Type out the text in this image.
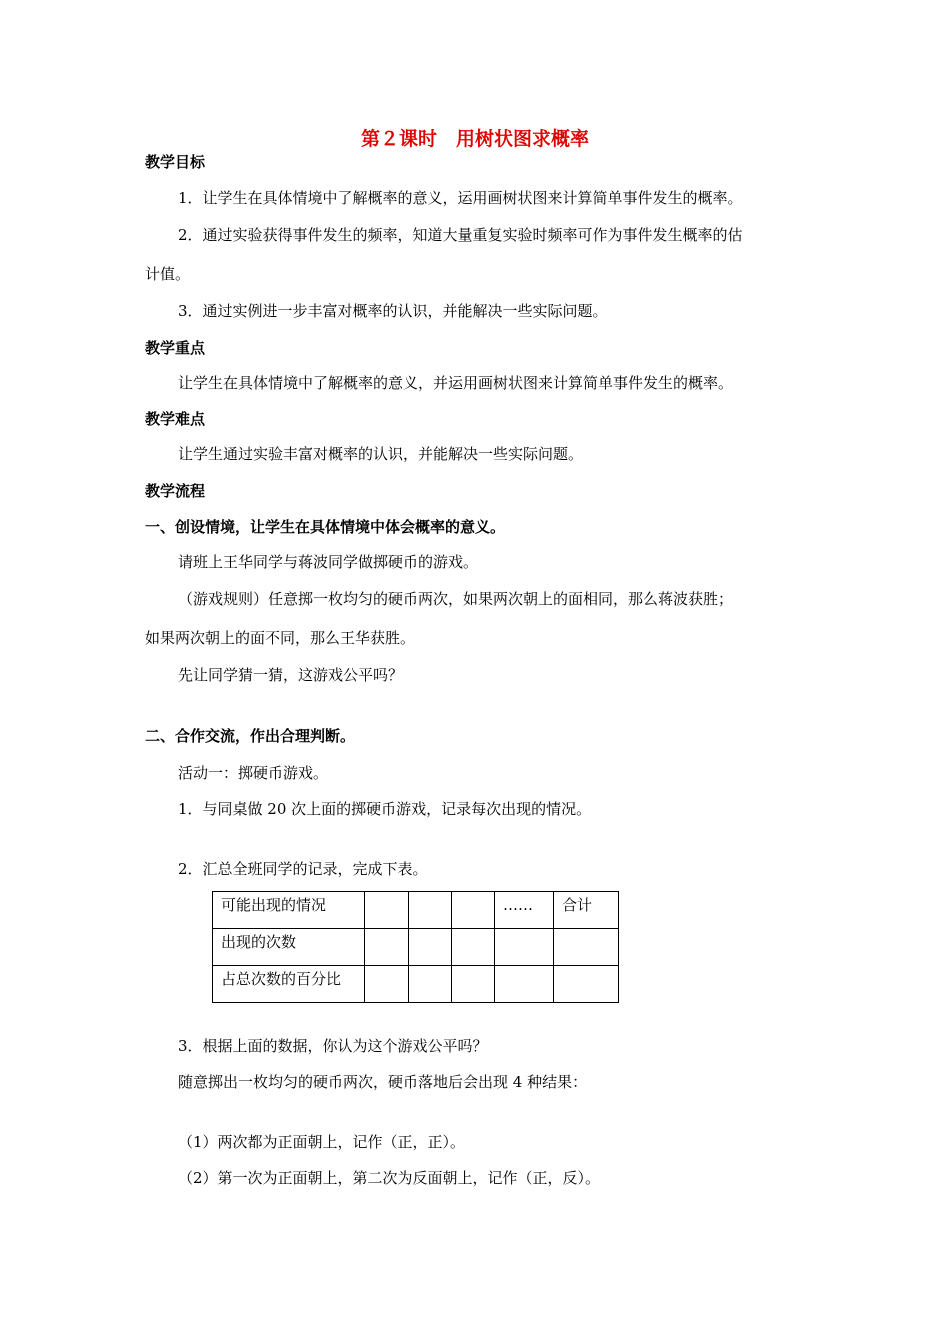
第２课时　用树状图求概率
教学目标
1．让学生在具体情境中了解概率的意义，运用画树状图来计算简单事件发生的概率。
2．通过实验获得事件发生的频率，知道大量重复实验时频率可作为事件发生概率的估
计值。
3．通过实例进一步丰富对概率的认识，并能解决一些实际问题。
教学重点
让学生在具体情境中了解概率的意义，并运用画树状图来计算简单事件发生的概率。
教学难点
让学生通过实验丰富对概率的认识，并能解决一些实际问题。
教学流程
一、创设情境，让学生在具体情境中体会概率的意义。
请班上王华同学与蒋波同学做掷硬币的游戏。
（游戏规则）任意掷一枚均匀的硬币两次，如果两次朝上的面相同，那么蒋波获胜；
如果两次朝上的面不同，那么王华获胜。
先让同学猜一猜，这游戏公平吗？
二、合作交流，作出合理判断。
活动一：掷硬币游戏。
1．与同桌做 20 次上面的掷硬币游戏，记录每次出现的情况。
2．汇总全班同学的记录，完成下表。
可能出现的情况				……	合计
出现的次数					
占总次数的百分比					
3．根据上面的数据，你认为这个游戏公平吗？
随意掷出一枚均匀的硬币两次，硬币落地后会出现 4 种结果：
（1）两次都为正面朝上，记作（正，正）。
（2）第一次为正面朝上，第二次为反面朝上，记作（正，反）。
